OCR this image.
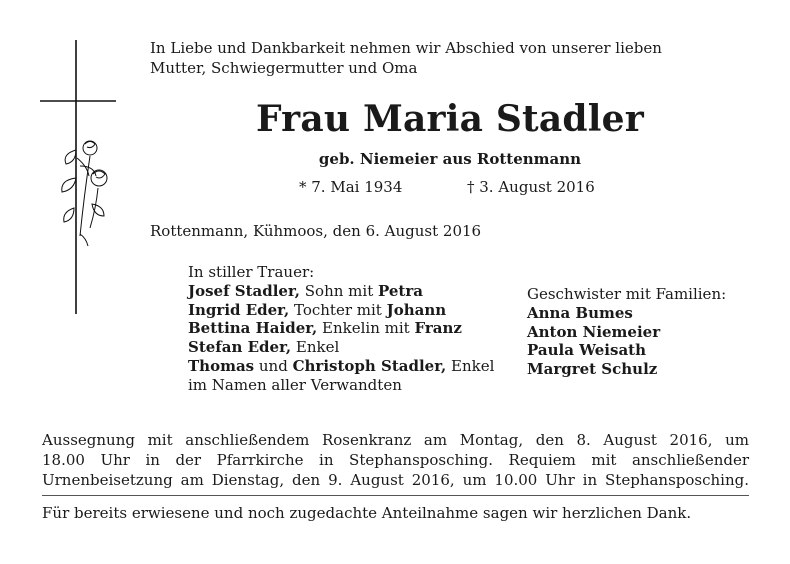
In Liebe und Dankbarkeit nehmen wir Abschied von unserer lieben
Mutter, Schwiegermutter und Oma
Frau Maria Stadler
geb. Niemeier aus Rottenmann
* 7. Mai 1934	† 3. August 2016
Rottenmann, Kühmoos, den 6. August 2016
In stiller Trauer:
Josef Stadler, Sohn mit Petra
Ingrid Eder, Tochter mit Johann
Bettina Haider, Enkelin mit Franz
Stefan Eder, Enkel
Thomas und Christoph Stadler, Enkel
im Namen aller Verwandten
Geschwister mit Familien:
Anna Bumes
Anton Niemeier
Paula Weisath
Margret Schulz
Aussegnung mit anschließendem Rosenkranz am Montag, den 8. August 2016, um
18.00 Uhr in der Pfarrkirche in Stephansposching. Requiem mit anschließender
Urnenbeisetzung am Dienstag, den 9. August 2016, um 10.00 Uhr in Stephansposching.
Für bereits erwiesene und noch zugedachte Anteilnahme sagen wir herzlichen Dank.
